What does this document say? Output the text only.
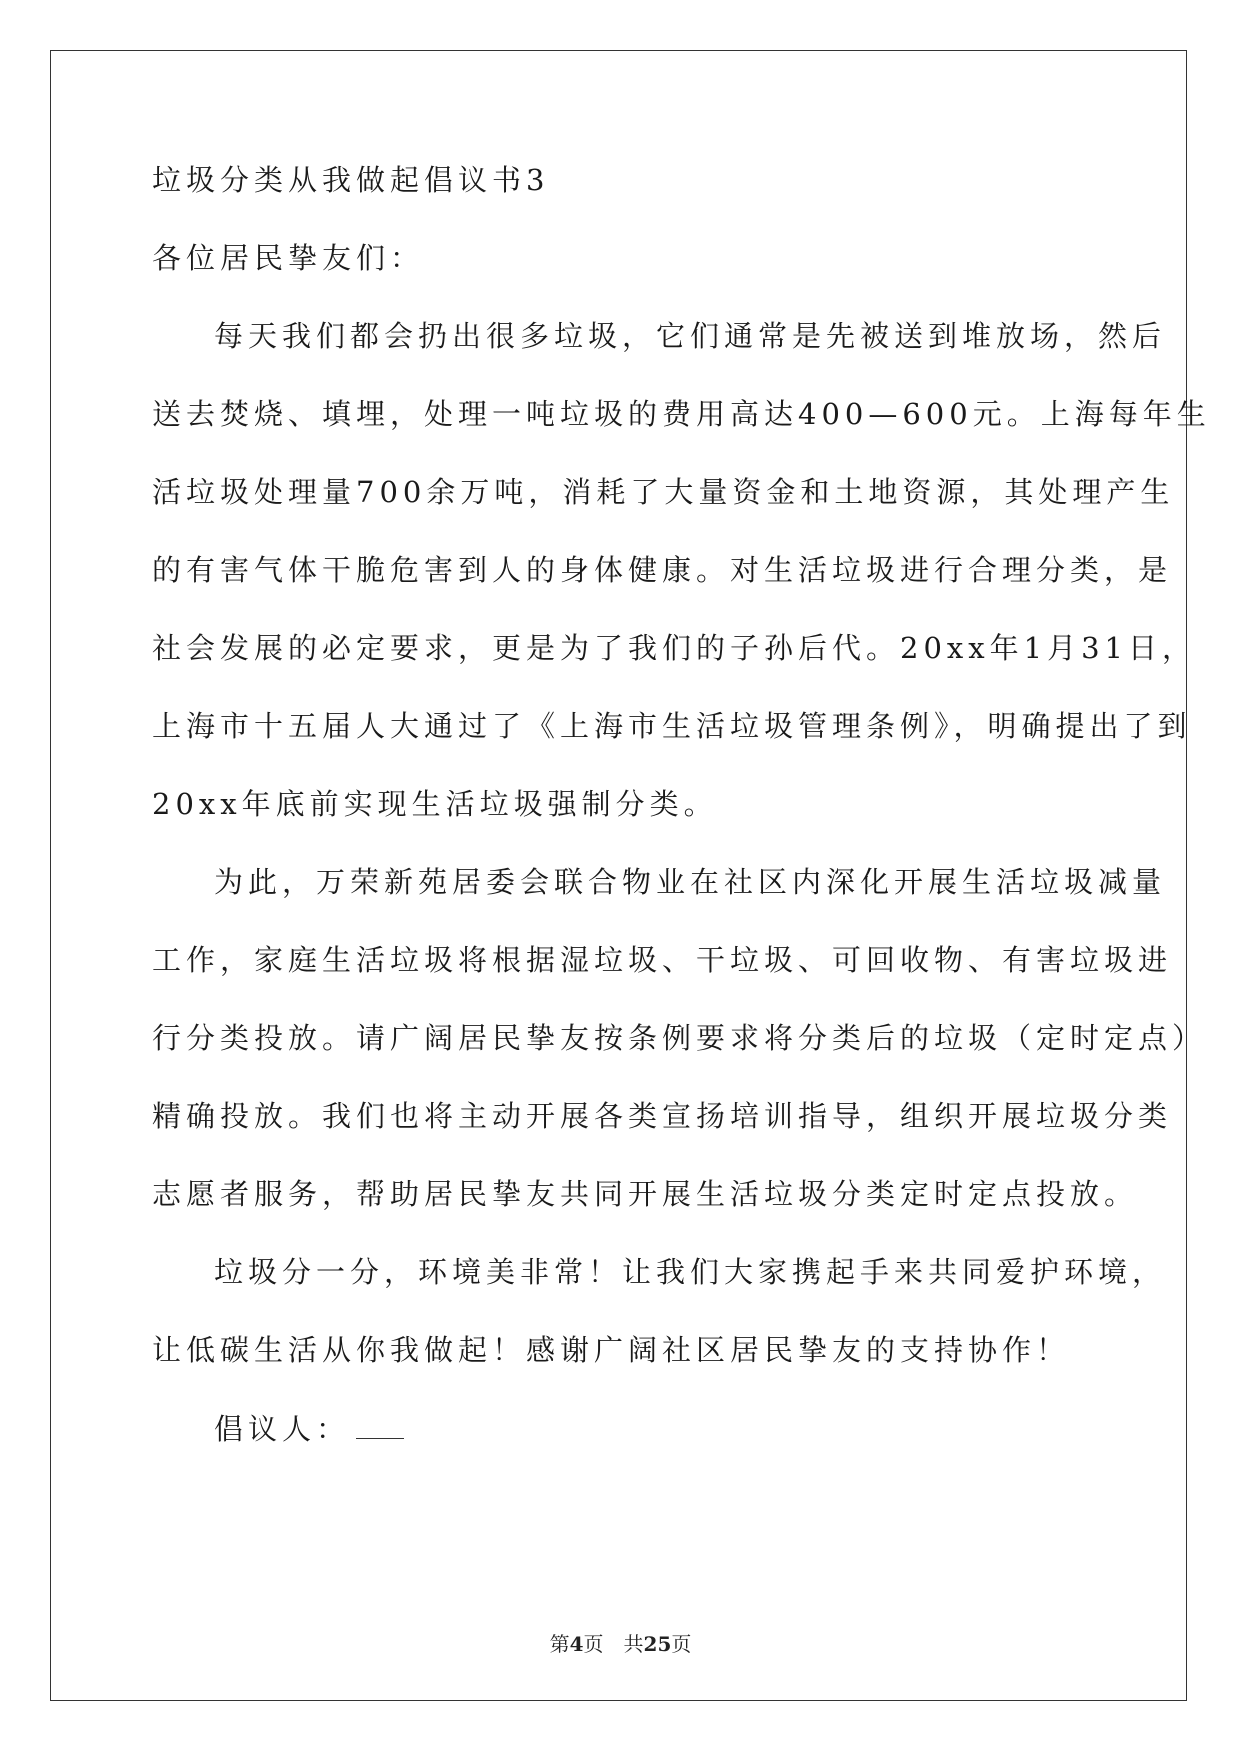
垃圾分类从我做起倡议书3

各位居民挚友们：

每天我们都会扔出很多垃圾，它们通常是先被送到堆放场，然后

送去焚烧、填埋，处理一吨垃圾的费用高达400—600元。上海每年生

活垃圾处理量700余万吨，消耗了大量资金和土地资源，其处理产生

的有害气体干脆危害到人的身体健康。对生活垃圾进行合理分类，是

社会发展的必定要求，更是为了我们的子孙后代。20xx年1月31日，

上海市十五届人大通过了《上海市生活垃圾管理条例》，明确提出了到

20xx年底前实现生活垃圾强制分类。

为此，万荣新苑居委会联合物业在社区内深化开展生活垃圾减量

工作，家庭生活垃圾将根据湿垃圾、干垃圾、可回收物、有害垃圾进

行分类投放。请广阔居民挚友按条例要求将分类后的垃圾（定时定点）

精确投放。我们也将主动开展各类宣扬培训指导，组织开展垃圾分类

志愿者服务，帮助居民挚友共同开展生活垃圾分类定时定点投放。

垃圾分一分，环境美非常！让我们大家携起手来共同爱护环境，

让低碳生活从你我做起！感谢广阔社区居民挚友的支持协作！

倡议人：

第4页 共25页
